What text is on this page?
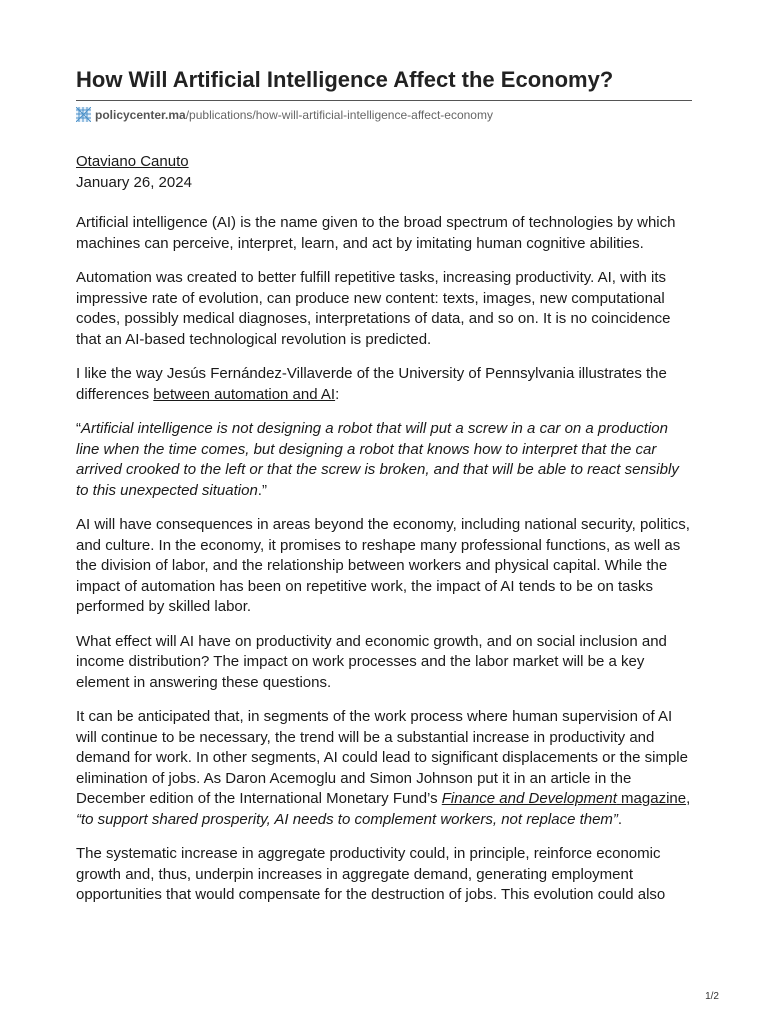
How Will Artificial Intelligence Affect the Economy?
policycenter.ma /publications/how-will-artificial-intelligence-affect-economy
Otaviano Canuto
January 26, 2024

Artificial intelligence (AI) is the name given to the broad spectrum of technologies by which machines can perceive, interpret, learn, and act by imitating human cognitive abilities.

Automation was created to better fulfill repetitive tasks, increasing productivity. AI, with its impressive rate of evolution, can produce new content: texts, images, new computational codes, possibly medical diagnoses, interpretations of data, and so on. It is no coincidence that an AI-based technological revolution is predicted.

I like the way Jesús Fernández-Villaverde of the University of Pennsylvania illustrates the differences between automation and AI:

“Artificial intelligence is not designing a robot that will put a screw in a car on a production line when the time comes, but designing a robot that knows how to interpret that the car arrived crooked to the left or that the screw is broken, and that will be able to react sensibly to this unexpected situation.”

AI will have consequences in areas beyond the economy, including national security, politics, and culture. In the economy, it promises to reshape many professional functions, as well as the division of labor, and the relationship between workers and physical capital. While the impact of automation has been on repetitive work, the impact of AI tends to be on tasks performed by skilled labor.

What effect will AI have on productivity and economic growth, and on social inclusion and income distribution? The impact on work processes and the labor market will be a key element in answering these questions.

It can be anticipated that, in segments of the work process where human supervision of AI will continue to be necessary, the trend will be a substantial increase in productivity and demand for work. In other segments, AI could lead to significant displacements or the simple elimination of jobs. As Daron Acemoglu and Simon Johnson put it in an article in the December edition of the International Monetary Fund’s Finance and Development magazine, “to support shared prosperity, AI needs to complement workers, not replace them”.

The systematic increase in aggregate productivity could, in principle, reinforce economic growth and, thus, underpin increases in aggregate demand, generating employment opportunities that would compensate for the destruction of jobs. This evolution could also

1/2
